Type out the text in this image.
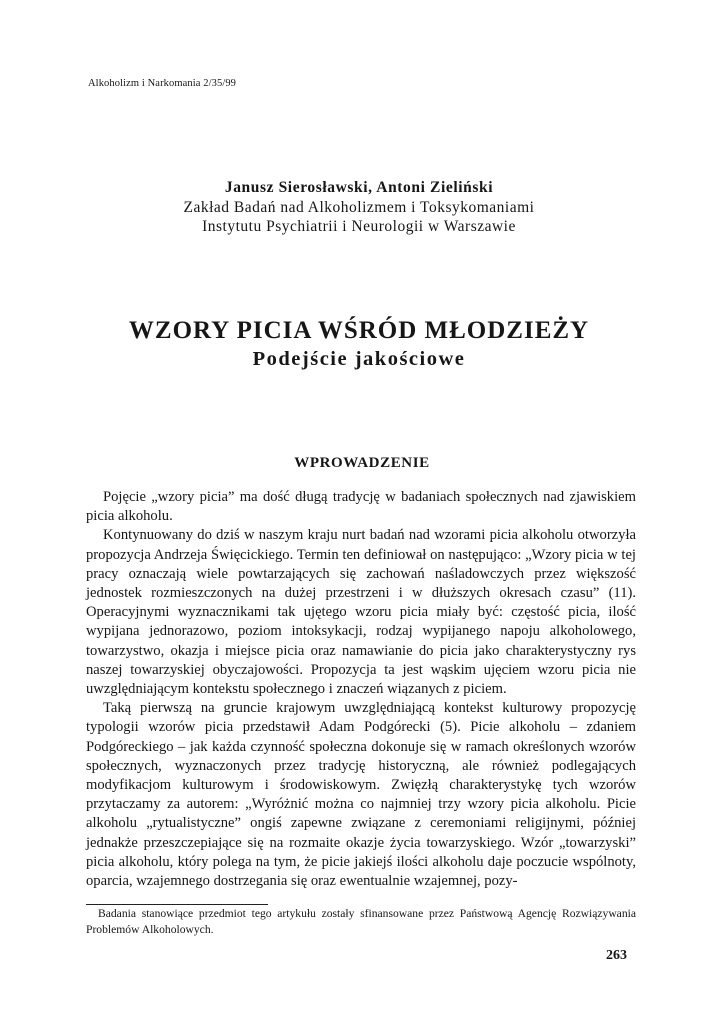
Alkoholizm i Narkomania 2/35/99
Janusz Sierosławski, Antoni Zieliński
Zakład Badań nad Alkoholizmem i Toksykomaniami
Instytutu Psychiatrii i Neurologii w Warszawie
WZORY PICIA WŚRÓD MŁODZIEŻY
Podejście jakościowe
WPROWADZENIE

Pojęcie „wzory picia” ma dość długą tradycję w badaniach społecznych nad zjawiskiem picia alkoholu.

Kontynuowany do dziś w naszym kraju nurt badań nad wzorami picia alkoholu otworzyła propozycja Andrzeja Święcickiego. Termin ten definiował on następująco: „Wzory picia w tej pracy oznaczają wiele powtarzających się zachowań naśladowczych przez większość jednostek rozmieszczonych na dużej przestrzeni i w dłuższych okresach czasu” (11). Operacyjnymi wyznacznikami tak ujętego wzoru picia miały być: częstość picia, ilość wypijana jednorazowo, poziom intoksykacji, rodzaj wypijanego napoju alkoholowego, towarzystwo, okazja i miejsce picia oraz namawianie do picia jako charakterystyczny rys naszej towarzyskiej obyczajowości. Propozycja ta jest wąskim ujęciem wzoru picia nie uwzględniającym kontekstu społecznego i znaczeń wiązanych z piciem.

Taką pierwszą na gruncie krajowym uwzględniającą kontekst kulturowy propozycję typologii wzorów picia przedstawił Adam Podgórecki (5). Picie alkoholu – zdaniem Podgóreckiego – jak każda czynność społeczna dokonuje się w ramach określonych wzorów społecznych, wyznaczonych przez tradycję historyczną, ale również podlegających modyfikacjom kulturowym i środowiskowym. Zwięzłą charakterystykę tych wzorów przytaczamy za autorem: „Wyróżnić można co najmniej trzy wzory picia alkoholu. Picie alkoholu „rytualistyczne” ongiś zapewne związane z ceremoniami religijnymi, później jednakże przeszczepiające się na rozmaite okazje życia towarzyskiego. Wzór „towarzyski” picia alkoholu, który polega na tym, że picie jakiejś ilości alkoholu daje poczucie wspólnoty, oparcia, wzajemnego dostrzegania się oraz ewentualnie wzajemnej, pozy-

Badania stanowiące przedmiot tego artykułu zostały sfinansowane przez Państwową Agencję Rozwiązywania Problemów Alkoholowych.
263
